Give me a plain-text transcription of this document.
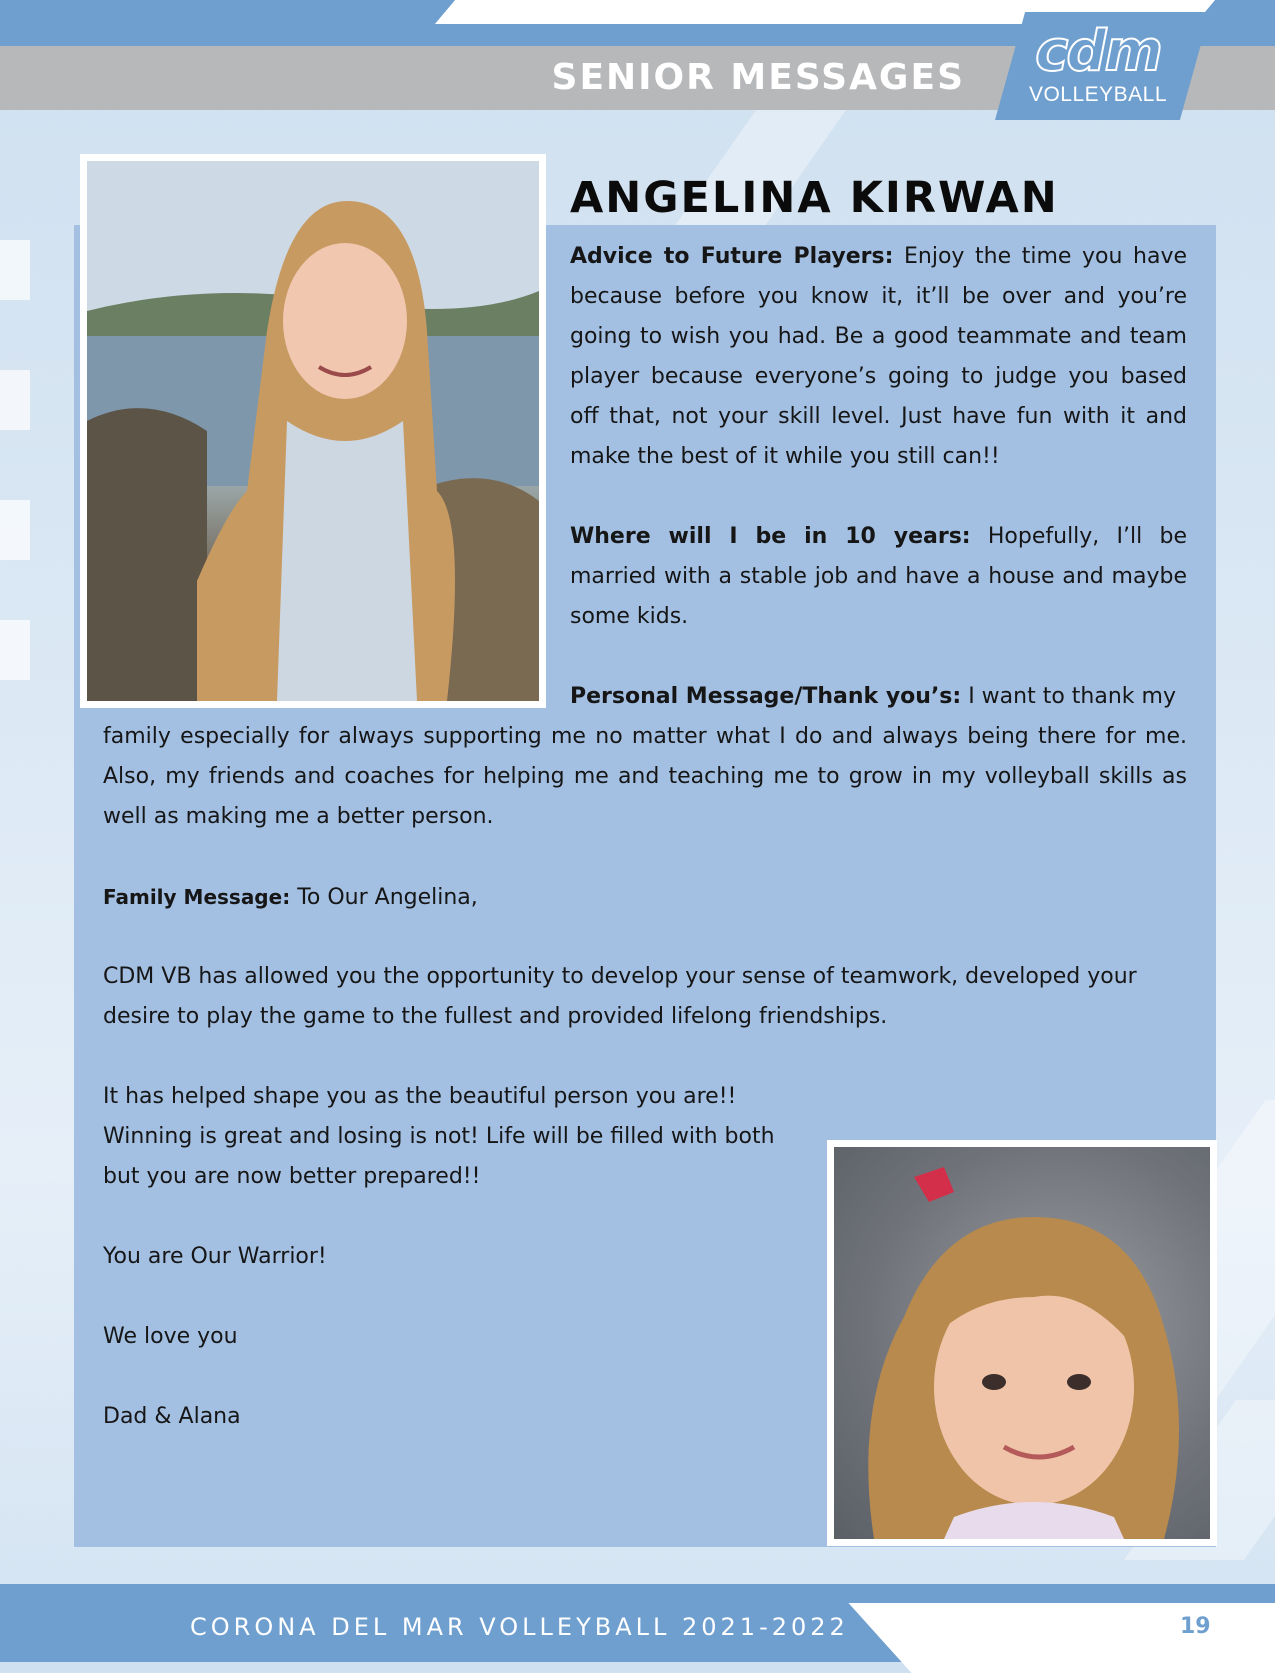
SENIOR MESSAGES	cdm
VOLLEYBALL
ANGELINA KIRWAN
Advice to Future Players: Enjoy the time you have because before you know it, it’ll be over and you’re going to wish you had. Be a good teammate and team player because everyone’s going to judge you based off that, not your skill level. Just have fun with it and make the best of it while you still can!!
Where will I be in 10 years: Hopefully, I’ll be married with a stable job and have a house and maybe some kids.
Personal Message/Thank you’s: I want to thank my
family especially for always supporting me no matter what I do and always being there for me. Also, my friends and coaches for helping me and teaching me to grow in my volleyball skills as well as making me a better person.
Family Message: To Our Angelina,
CDM VB has allowed you the opportunity to develop your sense of teamwork, developed your desire to play the game to the fullest and provided lifelong friendships.
It has helped shape you as the beautiful person you are!!
Winning is great and losing is not! Life will be filled with both
but you are now better prepared!!
You are Our Warrior!
We love you
Dad & Alana
CORONA DEL MAR VOLLEYBALL 2021-2022	19
